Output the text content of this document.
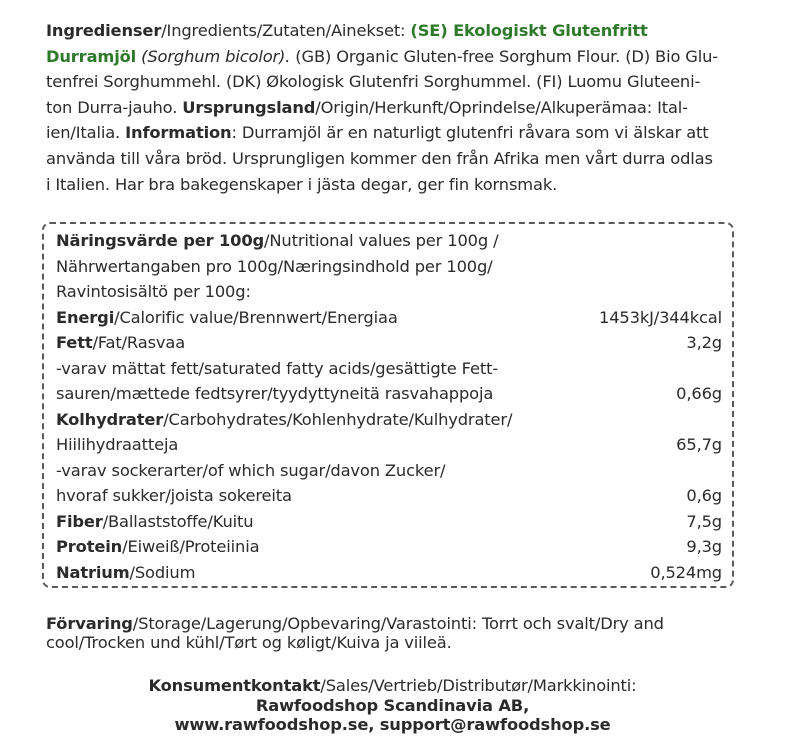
Ingredienser/Ingredients/Zutaten/Ainekset: (SE) Ekologiskt Glutenfritt
Durramjöl (Sorghum bicolor). (GB) Organic Gluten-free Sorghum Flour. (D) Bio Glu-
tenfrei Sorghummehl. (DK) Økologisk Glutenfri Sorghummel. (FI) Luomu Gluteeni-
ton Durra-jauho. Ursprungsland/Origin/Herkunft/Oprindelse/Alkuperämaa: Ital-
ien/Italia. Information: Durramjöl är en naturligt glutenfri råvara som vi älskar att
använda till våra bröd. Ursprungligen kommer den från Afrika men vårt durra odlas
i Italien. Har bra bakegenskaper i jästa degar, ger fin kornsmak.
Näringsvärde per 100g/Nutritional values per 100g /
Nährwertangaben pro 100g/Næringsindhold per 100g/
Ravintosisältö per 100g:
Energi/Calorific value/Brennwert/Energiaa	1453kJ/344kcal
Fett/Fat/Rasvaa	3,2g
-varav mättat fett/saturated fatty acids/gesättigte Fett-
sauren/mættede fedtsyrer/tyydyttyneitä rasvahappoja	0,66g
Kolhydrater/Carbohydrates/Kohlenhydrate/Kulhydrater/
Hiilihydraatteja	65,7g
-varav sockerarter/of which sugar/davon Zucker/
hvoraf sukker/joista sokereita	0,6g
Fiber/Ballaststoffe/Kuitu	7,5g
Protein/Eiweiß/Proteiinia	9,3g
Natrium/Sodium	0,524mg
Förvaring/Storage/Lagerung/Opbevaring/Varastointi: Torrt och svalt/Dry and
cool/Trocken und kühl/Tørt og køligt/Kuiva ja viileä.
Konsumentkontakt/Sales/Vertrieb/Distributør/Markkinointi:
Rawfoodshop Scandinavia AB,
www.rawfoodshop.se, support@rawfoodshop.se
